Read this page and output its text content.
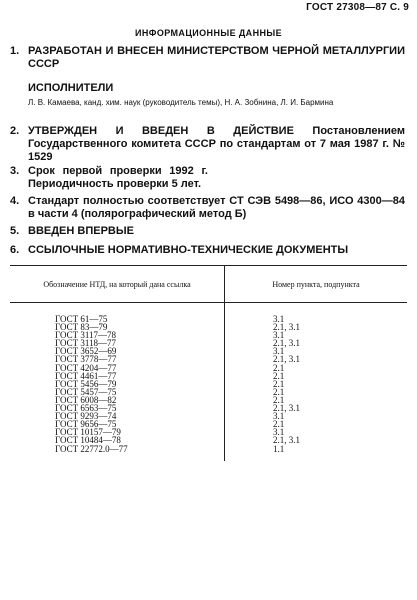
ГОСТ 27308—87 С. 9
ИНФОРМАЦИОННЫЕ ДАННЫЕ
1. РАЗРАБОТАН И ВНЕСЕН МИНИСТЕРСТВОМ ЧЕРНОЙ МЕТАЛЛУРГИИ СССР
ИСПОЛНИТЕЛИ
Л. В. Камаева, канд. хим. наук (руководитель темы), Н. А. Зобнина, Л. И. Бармина
2. УТВЕРЖДЕН И ВВЕДЕН В ДЕЙСТВИЕ Постановлением Государственного комитета СССР по стандартам от 7 мая 1987 г. № 1529
3. Срок первой проверки 1992 г. Периодичность проверки 5 лет.
4. Стандарт полностью соответствует СТ СЭВ 5498—86, ИСО 4300—84 в части 4 (полярографический метод Б)
5. ВВЕДЕН ВПЕРВЫЕ
6. ССЫЛОЧНЫЕ НОРМАТИВНО-ТЕХНИЧЕСКИЕ ДОКУМЕНТЫ
Обозначение НТД, на который дана ссылка	Номер пункта, подпункта

ГОСТ 61—75	3.1
ГОСТ 83—79	2.1, 3.1
ГОСТ 3117—78	3.1
ГОСТ 3118—77	2.1, 3.1
ГОСТ 3652—69	3.1
ГОСТ 3778—77	2.1, 3.1
ГОСТ 4204—77	2.1
ГОСТ 4461—77	2.1
ГОСТ 5456—79	2.1
ГОСТ 5457—75	2.1
ГОСТ 6008—82	2.1
ГОСТ 6563—75	2.1, 3.1
ГОСТ 9293—74	3.1
ГОСТ 9656—75	2.1
ГОСТ 10157—79	3.1
ГОСТ 10484—78	2.1, 3.1
ГОСТ 22772.0—77	1.1
